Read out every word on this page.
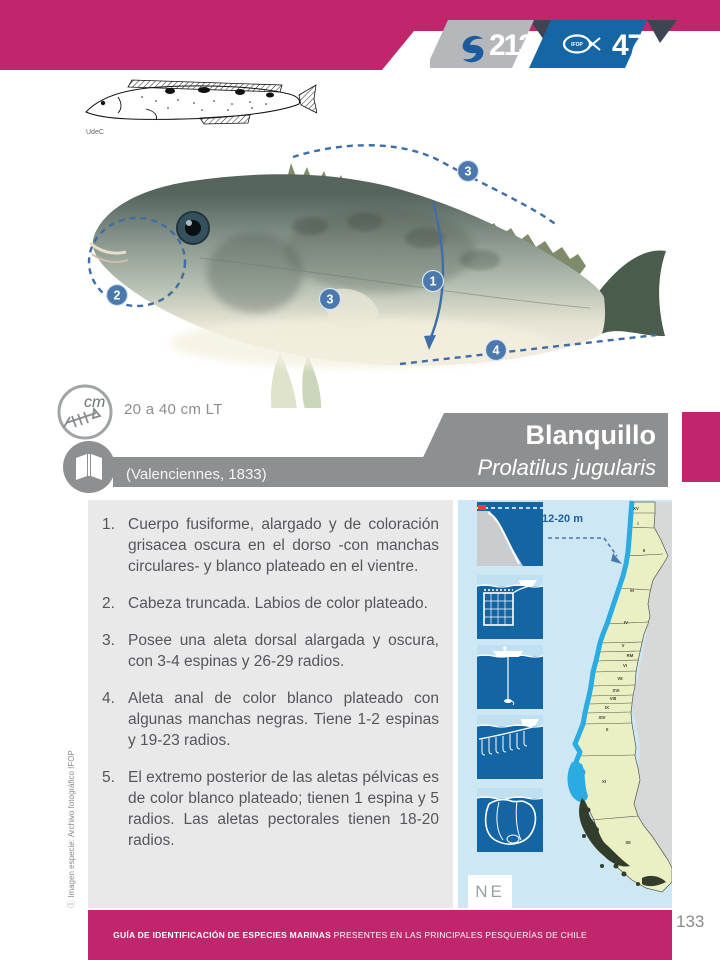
213	IFOP 47
UdeC
2
3
1
3
4
cm 20 a 40 cm LT
(Valenciennes, 1833)
Blanquillo
Prolatilus jugularis
1. Cuerpo fusiforme, alargado y de coloración grisacea oscura en el dorso -con manchas circulares- y blanco plateado en el vientre.
2. Cabeza truncada. Labios de color plateado.
3. Posee una aleta dorsal alargada y oscura, con 3-4 espinas y 26-29 radios.
4. Aleta anal de color blanco plateado con algunas manchas negras. Tiene 1-2 espinas y 19-23 radios.
5. El extremo posterior de las aletas pélvicas es de color blanco plateado; tienen 1 espina y 5 radios. Las aletas pectorales tienen 18-20 radios.
XV
I
II
III
IV
V
RM
VI
VII
XVI
VIII
IX
XIV
X
XI
XII
12-20 m
NE
Ⓘ Imagen especie: Archivo fotográfico IFOP
GUÍA DE IDENTIFICACIÓN DE ESPECIES MARINAS PRESENTES EN LAS PRINCIPALES PESQUERÍAS DE CHILE
133
